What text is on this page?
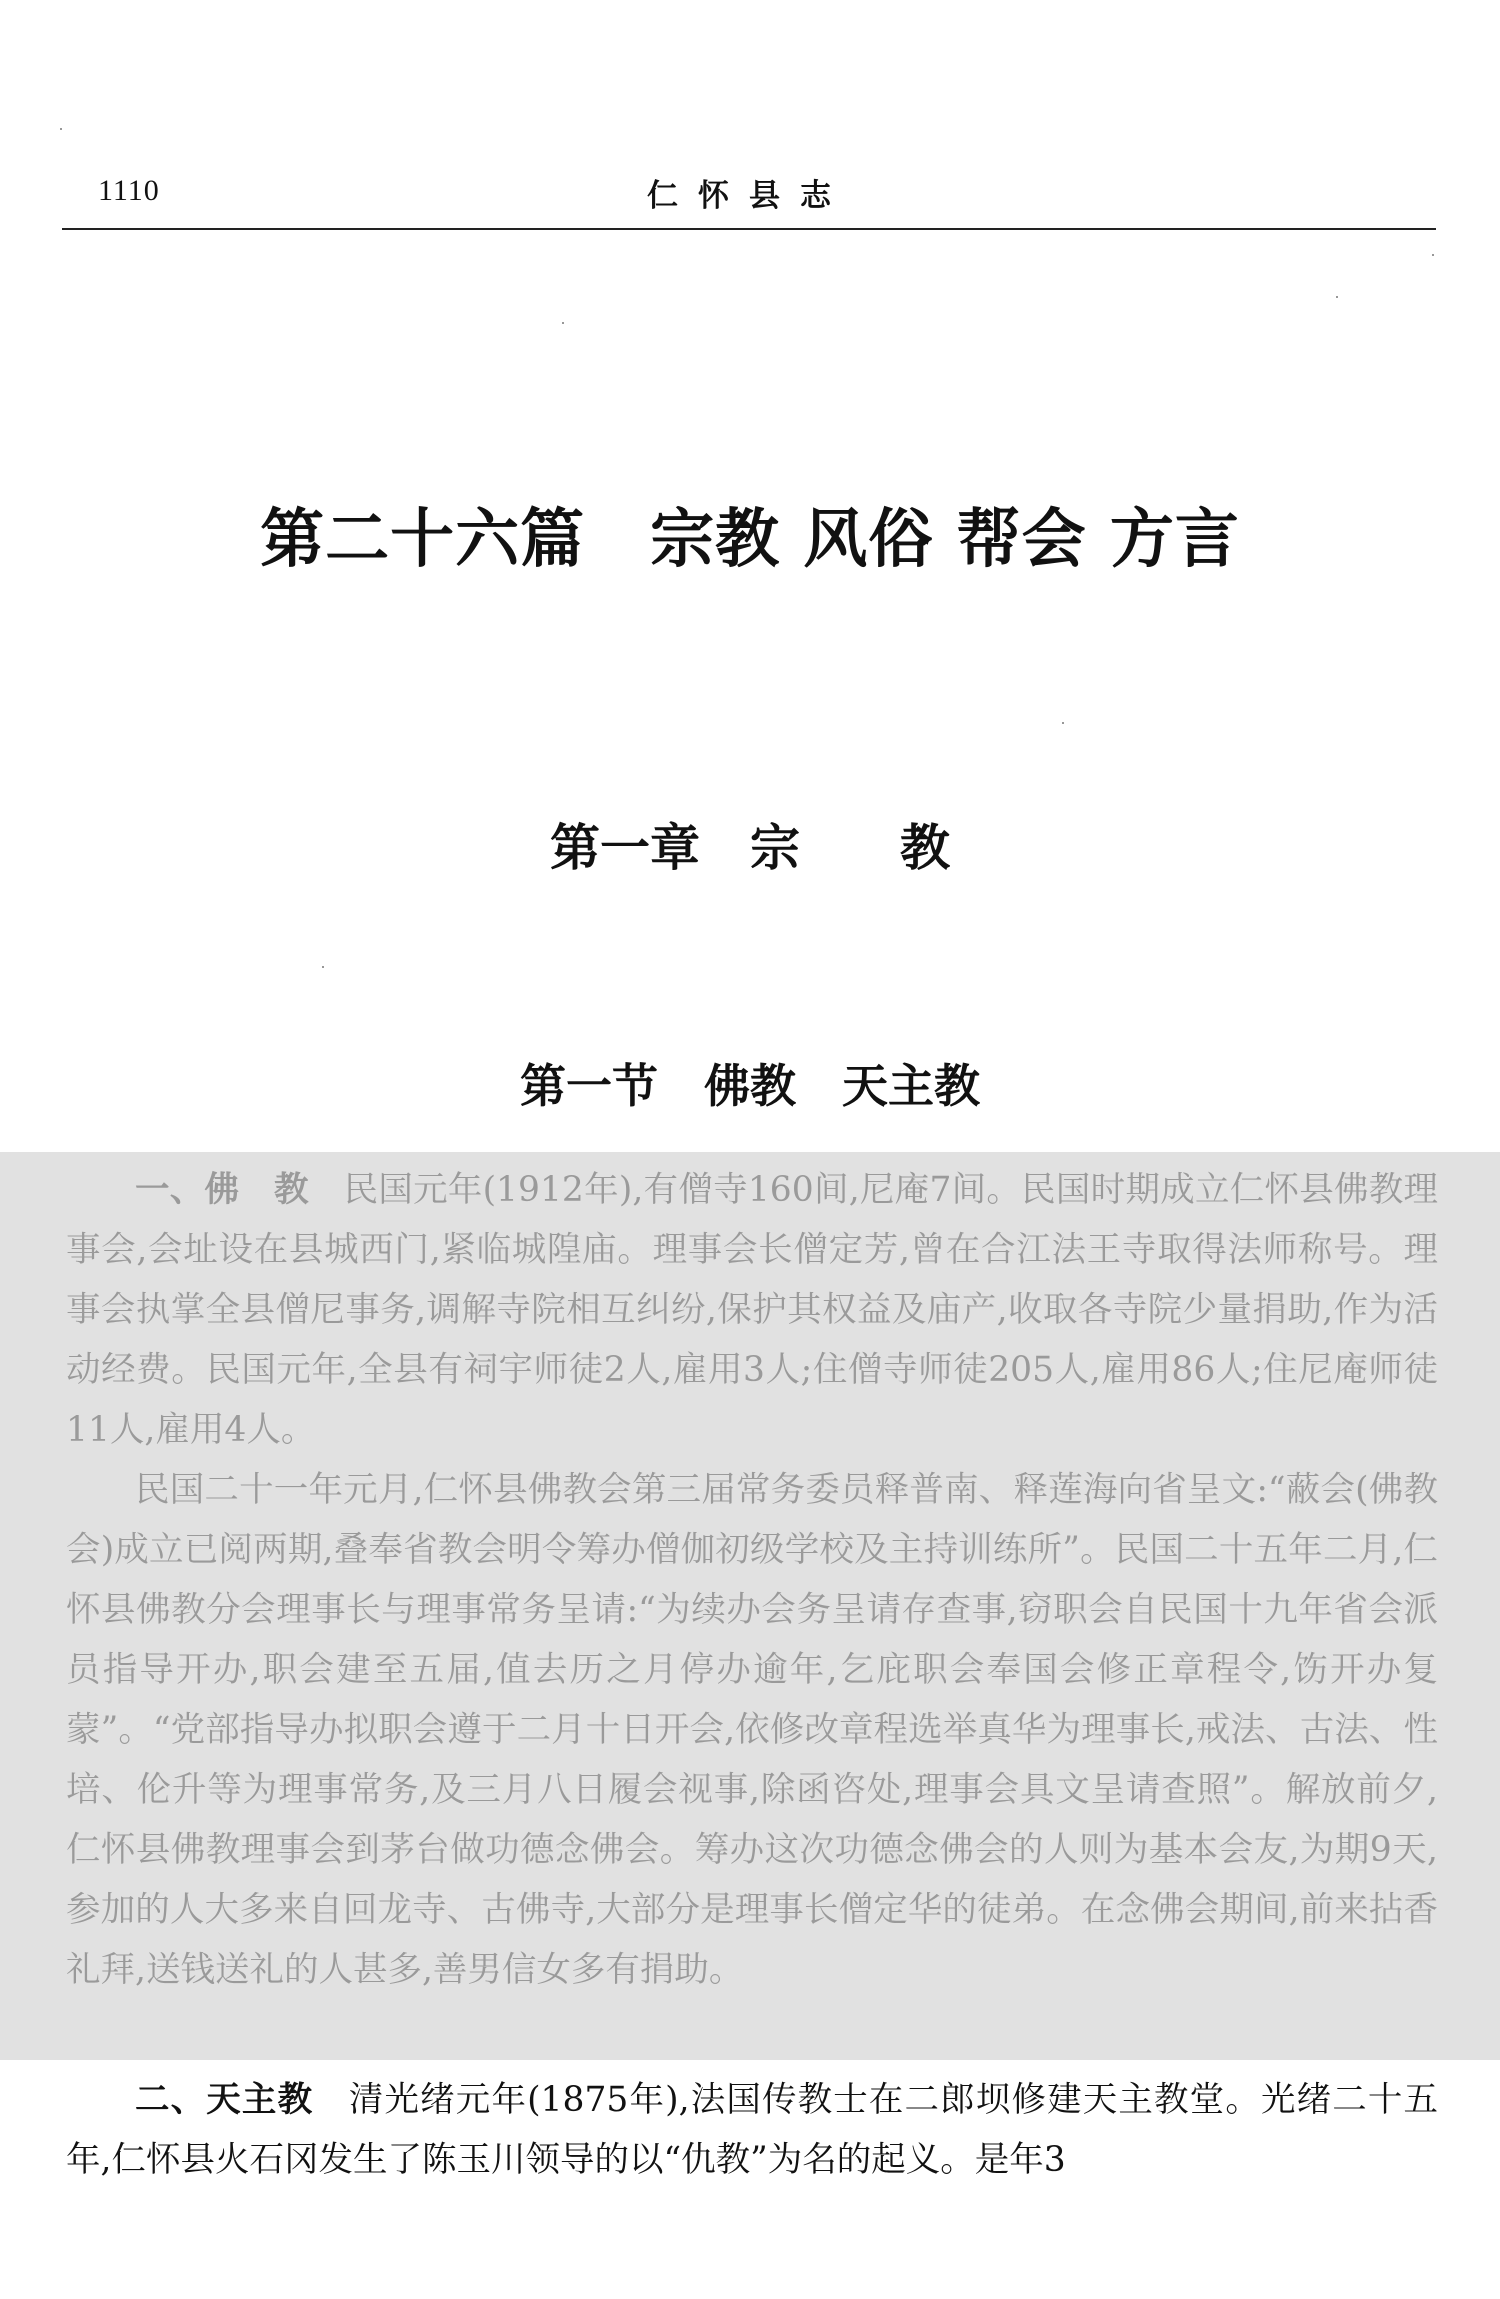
1110	仁怀县志
第二十六篇　宗教 风俗 帮会 方言
第一章　宗　　教
第一节　佛教　天主教

一、佛　教　 民国元年(1912年),有僧寺160间,尼庵7间。民国时期成立仁怀县佛教理事会,会址设在县城西门,紧临城隍庙。理事会长僧定芳,曾在合江法王寺取得法师称号。理事会执掌全县僧尼事务,调解寺院相互纠纷,保护其权益及庙产,收取各寺院少量捐助,作为活动经费。民国元年,全县有祠宇师徒2人,雇用3人;住僧寺师徒205人,雇用86人;住尼庵师徒11人,雇用4人。

民国二十一年元月,仁怀县佛教会第三届常务委员释普南、释莲海向省呈文:“蔽会(佛教会)成立已阅两期,叠奉省教会明令筹办僧伽初级学校及主持训练所”。民国二十五年二月,仁怀县佛教分会理事长与理事常务呈请:“为续办会务呈请存查事,窃职会自民国十九年省会派员指导开办,职会建至五届,值去历之月停办逾年,乞庇职会奉国会修正章程令,饬开办复蒙”。“党部指导办拟职会遵于二月十日开会,依修改章程选举真华为理事长,戒法、古法、性培、伦升等为理事常务,及三月八日履会视事,除函咨处,理事会具文呈请查照”。解放前夕,仁怀县佛教理事会到茅台做功德念佛会。筹办这次功德念佛会的人则为基本会友,为期9天,参加的人大多来自回龙寺、古佛寺,大部分是理事长僧定华的徒弟。在念佛会期间,前来拈香礼拜,送钱送礼的人甚多,善男信女多有捐助。

二、天主教　 清光绪元年(1875年),法国传教士在二郎坝修建天主教堂。光绪二十五年,仁怀县火石冈发生了陈玉川领导的以“仇教”为名的起义。是年3
